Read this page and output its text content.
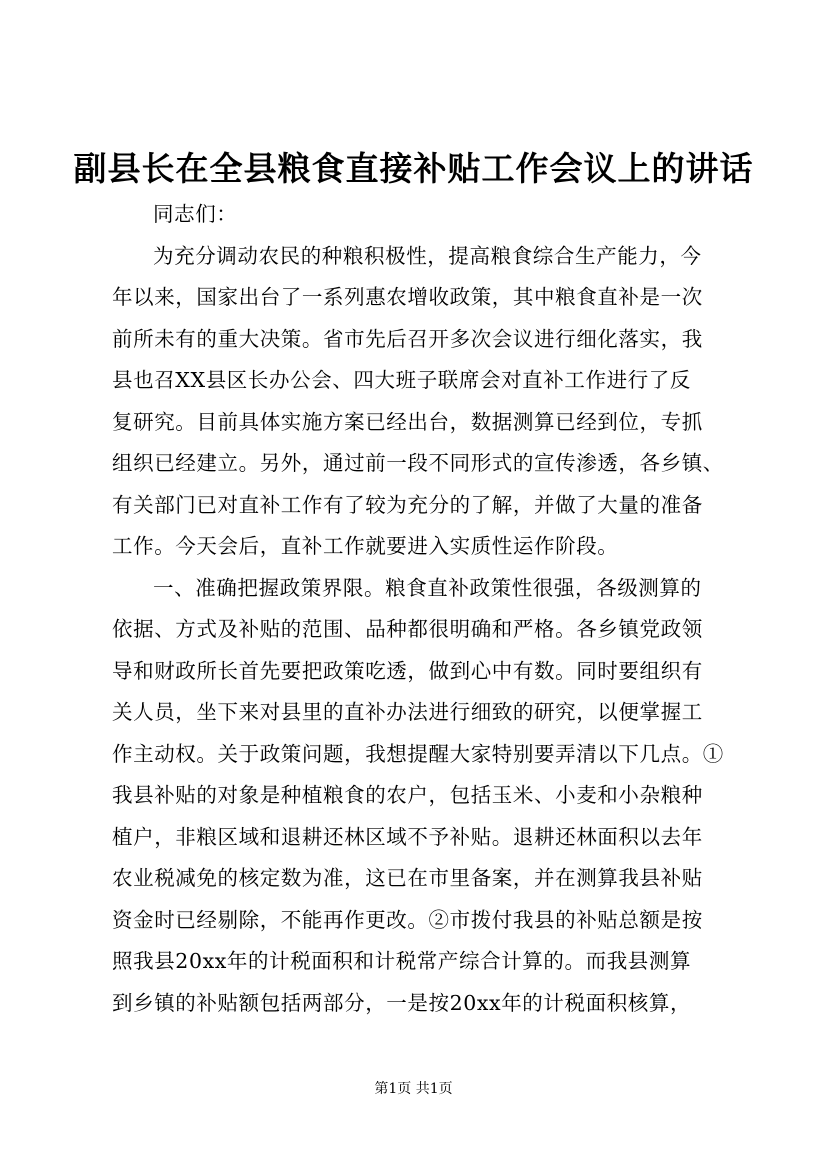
副县长在全县粮食直接补贴工作会议上的讲话
同志们：
为充分调动农民的种粮积极性，提高粮食综合生产能力，今
年以来，国家出台了一系列惠农增收政策，其中粮食直补是一次
前所未有的重大决策。省市先后召开多次会议进行细化落实，我
县也召XX县区长办公会、四大班子联席会对直补工作进行了反
复研究。目前具体实施方案已经出台，数据测算已经到位，专抓
组织已经建立。另外，通过前一段不同形式的宣传渗透，各乡镇、
有关部门已对直补工作有了较为充分的了解，并做了大量的准备
工作。今天会后，直补工作就要进入实质性运作阶段。
一、准确把握政策界限。粮食直补政策性很强，各级测算的
依据、方式及补贴的范围、品种都很明确和严格。各乡镇党政领
导和财政所长首先要把政策吃透，做到心中有数。同时要组织有
关人员，坐下来对县里的直补办法进行细致的研究，以便掌握工
作主动权。关于政策问题，我想提醒大家特别要弄清以下几点。①
我县补贴的对象是种植粮食的农户，包括玉米、小麦和小杂粮种
植户，非粮区域和退耕还林区域不予补贴。退耕还林面积以去年
农业税减免的核定数为准，这已在市里备案，并在测算我县补贴
资金时已经剔除，不能再作更改。②市拨付我县的补贴总额是按
照我县20xx年的计税面积和计税常产综合计算的。而我县测算
到乡镇的补贴额包括两部分，一是按20xx年的计税面积核算，
第1页 共1页
